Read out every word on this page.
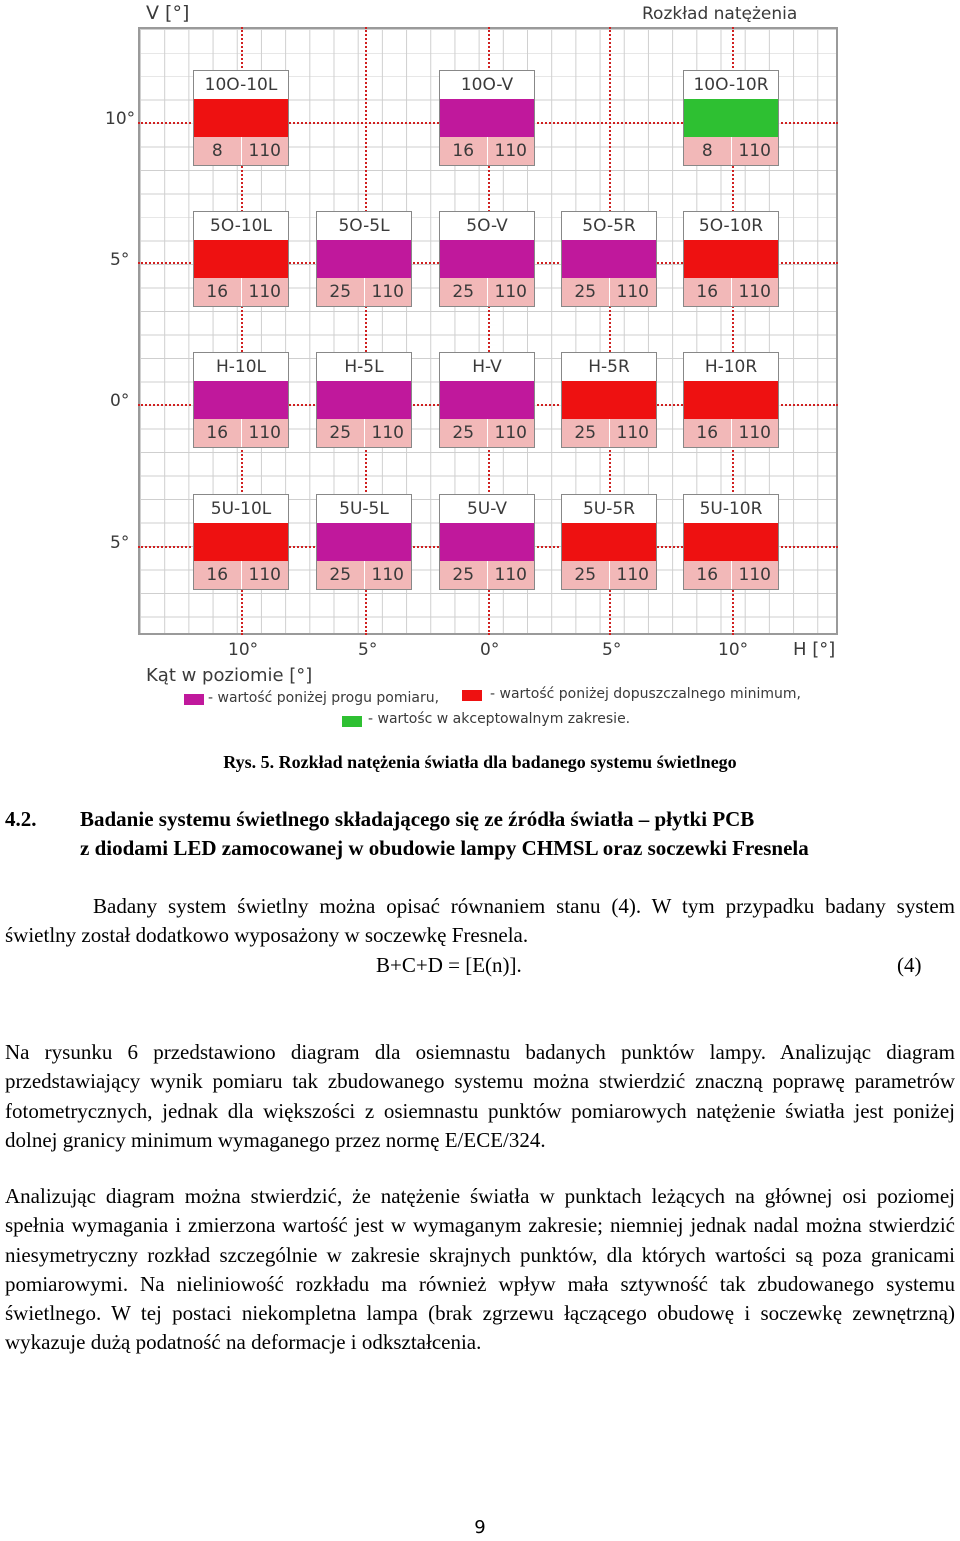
V [°]	Rozkład natężenia
10°
5°
0°
5°
10°	5°	0°	5°	10° H [°]
Kąt w poziomie [°]
10O-10L
8	110
10O-V
16	110
10O-10R
8	110
5O-10L
16	110
5O-5L
25	110
5O-V
25	110
5O-5R
25	110
5O-10R
16	110
H-10L
16	110
H-5L
25	110
H-V
25	110
H-5R
25	110
H-10R
16	110
5U-10L
16	110
5U-5L
25	110
5U-V
25	110
5U-5R
25	110
5U-10R
16	110
- wartość poniżej progu pomiaru,	- wartość poniżej dopuszczalnego minimum,
- wartośc w akceptowalnym zakresie.
Rys. 5. Rozkład natężenia światła dla badanego systemu świetlnego
4.2. Badanie systemu świetlnego składającego się ze źródła światła – płytki PCB
z diodami LED zamocowanej w obudowie lampy CHMSL oraz soczewki Fresnela

Badany system świetlny można opisać równaniem stanu (4). W tym przypadku badany system świetlny został dodatkowo wyposażony w soczewkę Fresnela.

B+C+D = [E(n)].	(4)

Na rysunku 6 przedstawiono diagram dla osiemnastu badanych punktów lampy. Analizując diagram przedstawiający wynik pomiaru tak zbudowanego systemu można stwierdzić znaczną poprawę parametrów fotometrycznych, jednak dla większości z osiemnastu punktów pomiarowych natężenie światła jest poniżej dolnej granicy minimum wymaganego przez normę E/ECE/324.

Analizując diagram można stwierdzić, że natężenie światła w punktach leżących na głównej osi poziomej spełnia wymagania i zmierzona wartość jest w wymaganym zakresie; niemniej jednak nadal można stwierdzić niesymetryczny rozkład szczególnie w zakresie skrajnych punktów, dla których wartości są poza granicami pomiarowymi. Na nieliniowość rozkładu ma również wpływ mała sztywność tak zbudowanego systemu świetlnego. W tej postaci niekompletna lampa (brak zgrzewu łączącego obudowę i soczewkę zewnętrzną) wykazuje dużą podatność na deformacje i odkształcenia.

9
